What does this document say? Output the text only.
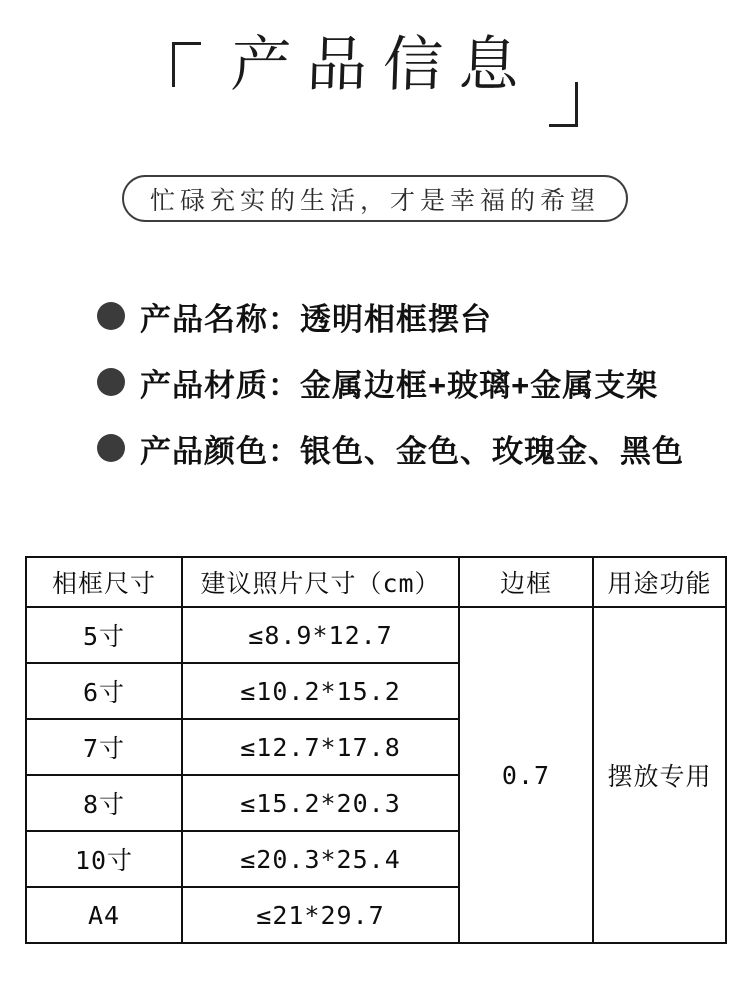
产品信息
忙碌充实的生活，才是幸福的希望
产品名称：透明相框摆台
产品材质：金属边框+玻璃+金属支架
产品颜色：银色、金色、玫瑰金、黑色
相框尺寸	建议照片尺寸（cm）	边框	用途功能
5寸	≤8.9*12.7	0.7	摆放专用
6寸	≤10.2*15.2		
7寸	≤12.7*17.8		
8寸	≤15.2*20.3		
10寸	≤20.3*25.4		
A4	≤21*29.7		
